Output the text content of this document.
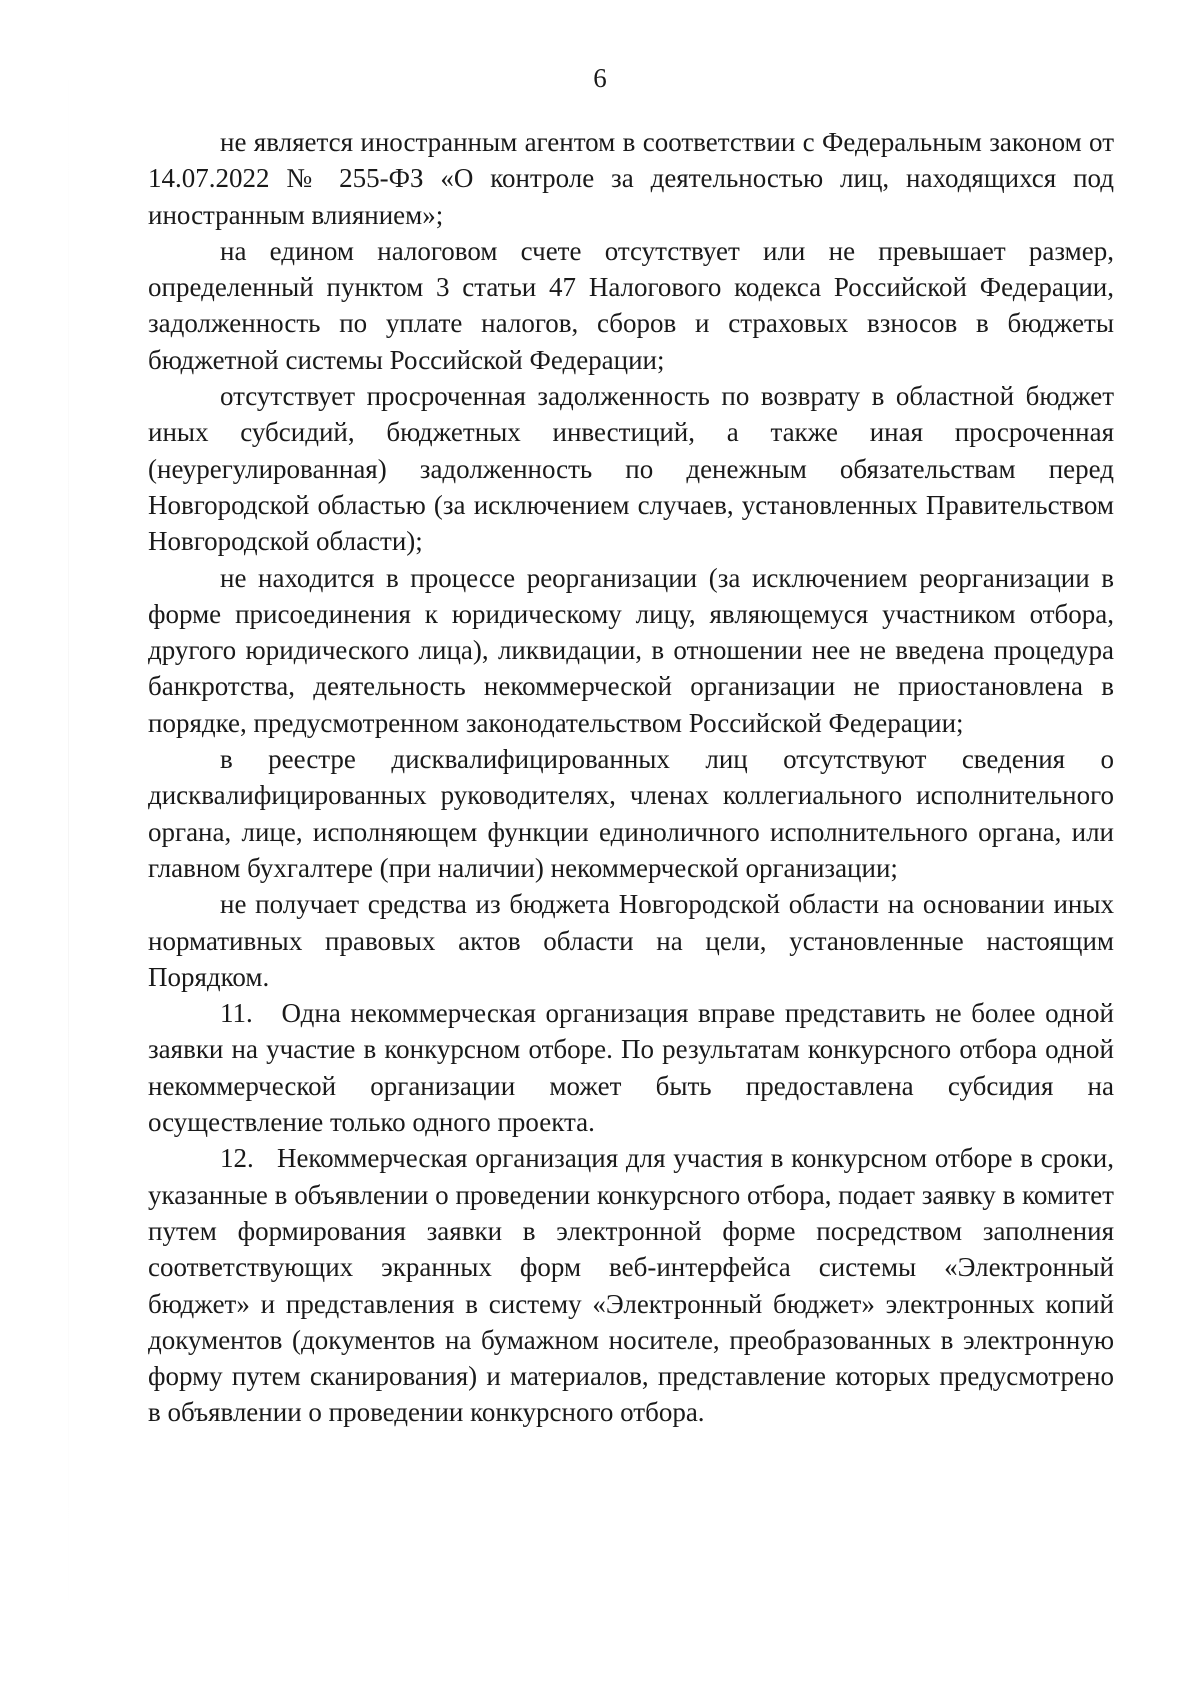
6

не является иностранным агентом в соответствии с Федеральным законом от 14.07.2022 № 255-ФЗ «О контроле за деятельностью лиц, находящихся под иностранным влиянием»;

на едином налоговом счете отсутствует или не превышает размер, определенный пунктом 3 статьи 47 Налогового кодекса Российской Федерации, задолженность по уплате налогов, сборов и страховых взносов в бюджеты бюджетной системы Российской Федерации;

отсутствует просроченная задолженность по возврату в областной бюджет иных субсидий, бюджетных инвестиций, а также иная просроченная (неурегулированная) задолженность по денежным обязательствам перед Новгородской областью (за исключением случаев, установленных Правительством Новгородской области);

не находится в процессе реорганизации (за исключением реорганизации в форме присоединения к юридическому лицу, являющемуся участником отбора, другого юридического лица), ликвидации, в отношении нее не введена процедура банкротства, деятельность некоммерческой организации не приостановлена в порядке, предусмотренном законодательством Российской Федерации;

в реестре дисквалифицированных лиц отсутствуют сведения о дисквалифицированных руководителях, членах коллегиального исполнительного органа, лице, исполняющем функции единоличного исполнительного органа, или главном бухгалтере (при наличии) некоммерческой организации;

не получает средства из бюджета Новгородской области на основании иных нормативных правовых актов области на цели, установленные настоящим Порядком.

11.   Одна некоммерческая организация вправе представить не более одной заявки на участие в конкурсном отборе. По результатам конкурсного отбора одной некоммерческой организации может быть предоставлена субсидия на осуществление только одного проекта.

12.   Некоммерческая организация для участия в конкурсном отборе в сроки, указанные в объявлении о проведении конкурсного отбора, подает заявку в комитет путем формирования заявки в электронной форме посредством заполнения соответствующих экранных форм веб-интерфейса системы «Электронный бюджет» и представления в систему «Электронный бюджет» электронных копий документов (документов на бумажном носителе, преобразованных в электронную форму путем сканирования) и материалов, представление которых предусмотрено в объявлении о проведении конкурсного отбора.
